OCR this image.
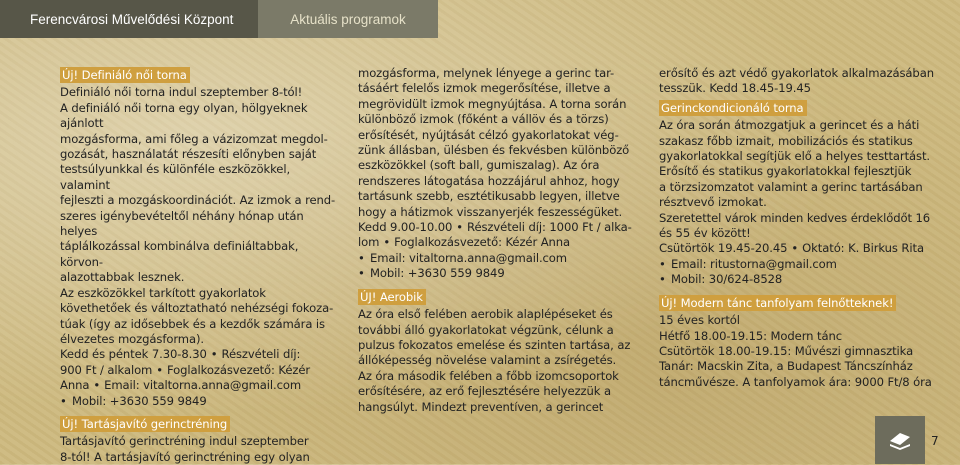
Ferencvárosi Művelődési Központ	Aktuális programok
Új! Definiáló női torna

Definiáló női torna indul szeptember 8-tól!

A definiáló női torna egy olyan, hölgyeknek ajánlott

mozgásforma, ami főleg a vázizomzat megdol-

gozását, használatát részesíti előnyben saját

testsúlyunkkal és különféle eszközökkel, valamint

fejleszti a mozgáskoordinációt. Az izmok a rend-

szeres igénybevételtől néhány hónap után helyes

táplálkozással kombinálva definiáltabbak, körvon-

alazottabbak lesznek.

Az eszközökkel tarkított gyakorlatok

követhetőek és változtatható nehézségi fokoza-

túak (így az idősebbek és a kezdők számára is

élvezetes mozgásforma).

Kedd és péntek 7.30-8.30 • Részvételi díj:

900 Ft / alkalom • Foglalkozásvezető: Kézér

Anna • Email: vitaltorna.anna@gmail.com

• Mobil: +3630 559 9849

Új! Tartásjavító gerinctréning

Tartásjavító gerinctréning indul szeptember

8-tól! A tartásjavító gerinctréning egy olyan

mozgásforma, melynek lényege a gerinc tar-

tásáért felelős izmok megerősítése, illetve a

megrövidült izmok megnyújtása. A torna során

különböző izmok (főként a vállöv és a törzs)

erősítését, nyújtását célzó gyakorlatokat vég-

zünk állásban, ülésben és fekvésben különböző

eszközökkel (soft ball, gumiszalag). Az óra

rendszeres látogatása hozzájárul ahhoz, hogy

tartásunk szebb, esztétikusabb legyen, illetve

hogy a hátizmok visszanyerjék feszességüket.

Kedd 9.00-10.00 • Részvételi díj: 1000 Ft / alka-

lom • Foglalkozásvezető: Kézér Anna

• Email: vitaltorna.anna@gmail.com

• Mobil: +3630 559 9849

ÚJ! Aerobik

Az óra első felében aerobik alaplépéseket és

további álló gyakorlatokat végzünk, célunk a

pulzus fokozatos emelése és szinten tartása, az

állóképesség növelése valamint a zsírégetés.

Az óra második felében a főbb izomcsoportok

erősítésére, az erő fejlesztésére helyezzük a

hangsúlyt. Mindezt preventíven, a gerincet

erősítő és azt védő gyakorlatok alkalmazásában

tesszük. Kedd 18.45-19.45

Gerinckondicionáló torna

Az óra során átmozgatjuk a gerincet és a háti

szakasz főbb izmait, mobilizációs és statikus

gyakorlatokkal segítjük elő a helyes testtartást.

Erősítő és statikus gyakorlatokkal fejlesztjük

a törzsizomzatot valamint a gerinc tartásában

résztvevő izmokat.

Szeretettel várok minden kedves érdeklődőt 16

és 55 év között!

Csütörtök 19.45-20.45 • Oktató: K. Birkus Rita

• Email: ritustorna@gmail.com

• Mobil: 30/624-8528

Új! Modern tánc tanfolyam felnőtteknek!

15 éves kortól

Hétfő 18.00-19.15: Modern tánc

Csütörtök 18.00-19.15: Művészi gimnasztika

Tanár: Macskin Zita, a Budapest Táncszínház

táncművésze. A tanfolyamok ára: 9000 Ft/8 óra

7
